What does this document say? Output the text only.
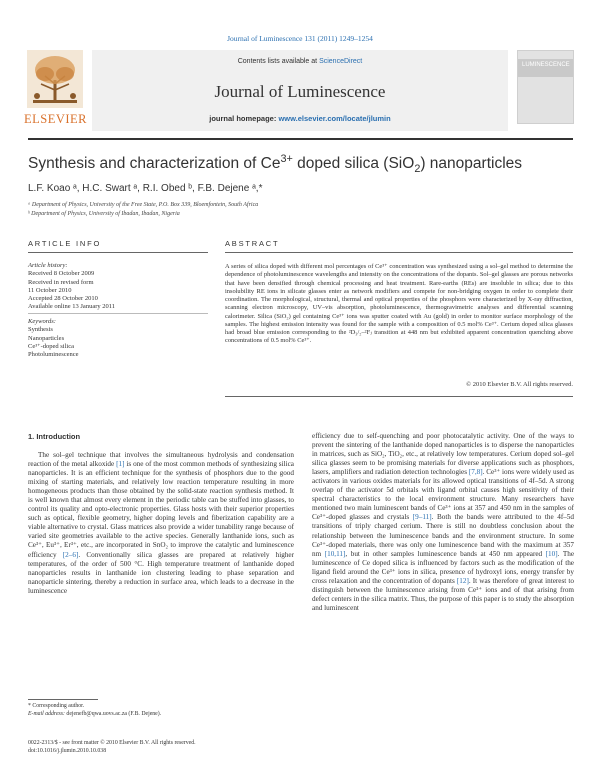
Journal of Luminescence 131 (2011) 1249–1254
Contents lists available at ScienceDirect
Journal of Luminescence
journal homepage: www.elsevier.com/locate/jlumin
ELSEVIER
LUMINESCENCE
Synthesis and characterization of $Ce^{3+}$ doped silica (SiO$_2$) nanoparticles
L.F. Koao ᵃ, H.C. Swart ᵃ, R.I. Obed ᵇ, F.B. Dejene ᵃ,*
ᵃ Department of Physics, University of the Free State, P.O. Box 339, Bloemfontein, South Africa
ᵇ Department of Physics, University of Ibadan, Ibadan, Nigeria
ARTICLE INFO	ABSTRACT
Article history:
Received 8 October 2009
Received in revised form
11 October 2010
Accepted 28 October 2010
Available online 13 January 2011
Keywords:
Synthesis
Nanoparticles
Ce³⁺-doped silica
Photoluminescence
A series of silica doped with different mol percentages of Ce³⁺ concentration was synthesized using a sol–gel method to determine the dependence of photoluminescence wavelengths and intensity on the concentrations of the dopants. Sol–gel glasses are porous networks that have been densified through chemical processing and heat treatment. Rare-earths (REs) are insoluble in silica; due to this insolubility RE ions in silicate glasses enter as network modifiers and compete for non-bridging oxygen in order to complete their coordination. The morphological, structural, thermal and optical properties of the phosphors were characterized by X-ray diffraction, scanning electron microscopy, UV–vis absorption, photoluminescence, thermogravimetric analyses and differential scanning calorimeter. Silica (SiO₂) gel containing Ce³⁺ ions was sputter coated with Au (gold) in order to monitor surface morphology of the samples. The highest emission intensity was found for the sample with a composition of 0.5 mol% Ce³⁺. Cerium doped silica glasses had broad blue emission corresponding to the ²D₃/₂–²Fⱼ transition at 448 nm but exhibited apparent concentration quenching above concentrations of 0.5 mol% Ce³⁺.
© 2010 Elsevier B.V. All rights reserved.
1. Introduction
The sol–gel technique that involves the simultaneous hydrolysis and condensation reaction of the metal alkoxide [1] is one of the most common methods of synthesizing silica nanoparticles. It is an efficient technique for the synthesis of phosphors due to the good mixing of starting materials, and relatively low reaction temperature resulting in more homogeneous products than those obtained by the solid-state reaction synthesis method. It is well known that almost every element in the periodic table can be stuffed into glasses, to control its quality and opto-electronic properties. Glass hosts with their superior properties such as optical, flexible geometry, higher doping levels and fiberization capability are a viable alternative to crystal. Glass matrices also provide a wider tunability range because of varied site geometries available to the active species. Generally lanthanide ions, such as Ce³⁺, Eu³⁺, Er³⁺, etc., are incorporated in SnO₂ to improve the catalytic and luminescence efficiency [2–6]. Conventionally silica glasses are prepared at relatively higher temperatures, of the order of 500 °C. High temperature treatment of lanthanide doped nanoparticles results in lanthanide ion clustering leading to phase separation and nanoparticle sintering, thereby a reduction in surface area, which leads to a decrease in the luminescence
efficiency due to self-quenching and poor photocatalytic activity. One of the ways to prevent the sintering of the lanthanide doped nanoparticles is to disperse the nanoparticles in matrices, such as SiO₂, TiO₂, etc., at relatively low temperatures. Cerium doped sol–gel silica glasses seem to be promising materials for diverse applications such as phosphors, lasers, amplifiers and radiation detection technologies [7,8]. Ce³⁺ ions were widely used as activators in various oxides materials for its allowed optical transitions of 4f–5d. A strong overlap of the activator 5d orbitals with ligand orbital causes high sensitivity of their spectral characteristics to the local environment structure. Many researchers have mentioned two main luminescent bands of Ce³⁺ ions at 357 and 450 nm in the samples of Ce³⁺-doped glasses and crystals [9–11]. Both the bands were attributed to the 4f–5d transitions of triply charged cerium. There is still no doubtless conclusion about the relationship between the luminescence bands and the environment structure. In some Ce³⁺-doped materials, there was only one luminescence band with the maximum at 357 nm [10,11], but in other samples luminescence bands at 450 nm appeared [10]. The luminescence of Ce doped silica is influenced by factors such as the modification of the ligand field around the Ce³⁺ ions in silica, presence of hydroxyl ions, energy transfer by cross relaxation and the concentration of dopants [12]. It was therefore of great interest to distinguish between the luminescence arising from Ce³⁺ ions and of that arising from defect centers in the silica matrix. Thus, the purpose of this paper is to study the absorption and luminescent
* Corresponding author.
E-mail address: dejenefb@qwa.uovs.ac.za (F.B. Dejene).
0022-2313/$ - see front matter © 2010 Elsevier B.V. All rights reserved.
doi:10.1016/j.jlumin.2010.10.038
